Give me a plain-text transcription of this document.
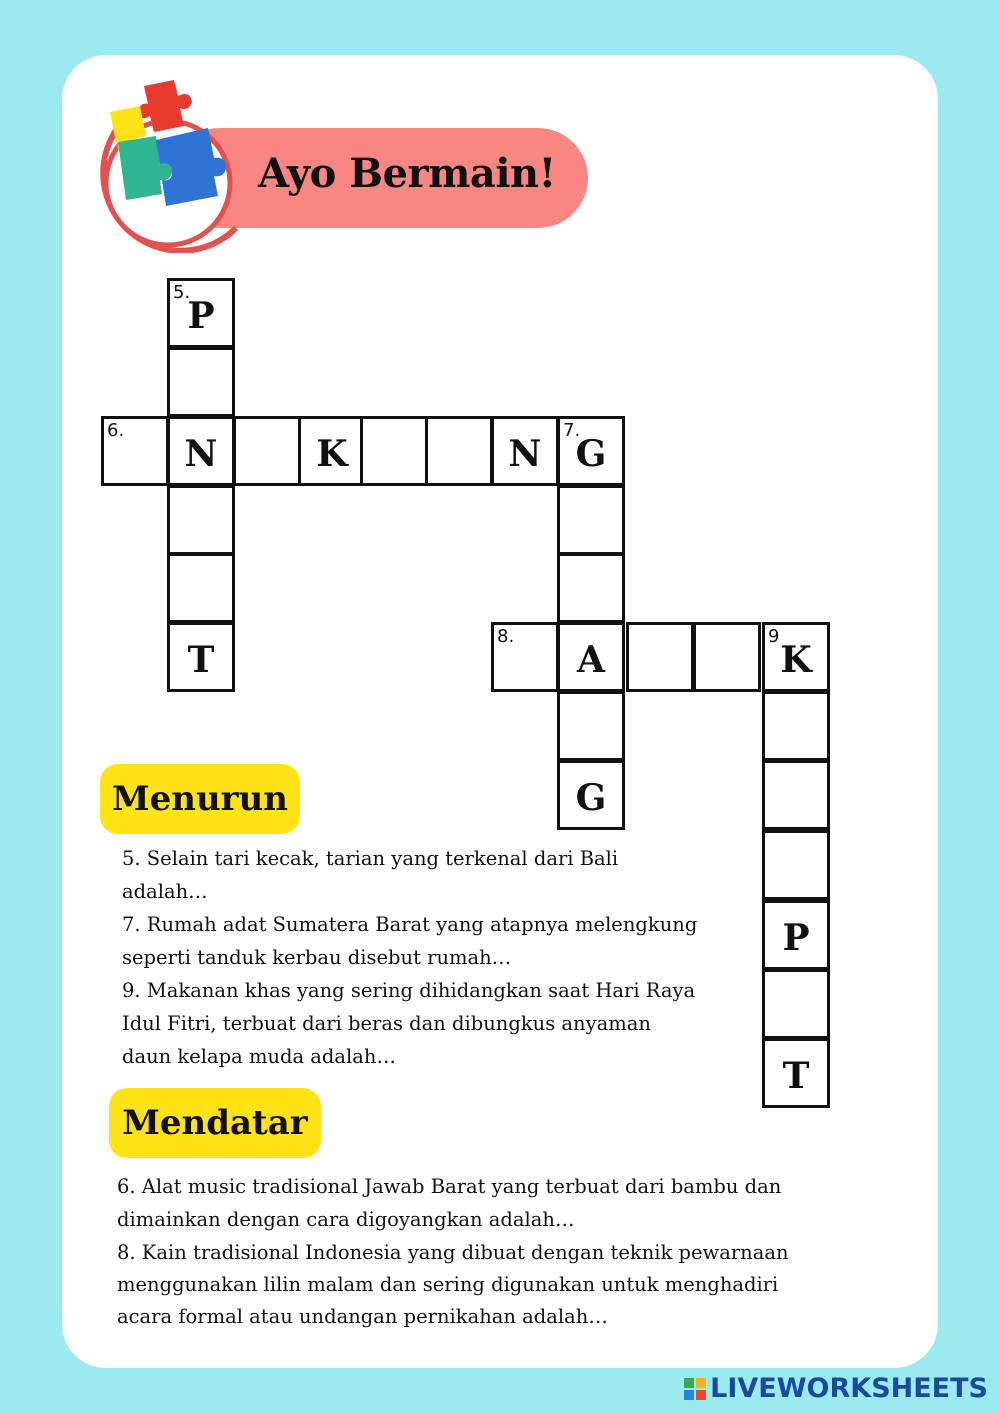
Ayo Bermain!
5.
P
T
6.
N	K	N
7.
G
G
8.
A
9
K
P
T
Menurun

5. Selain tari kecak, tarian yang terkenal dari Bali

adalah…

7. Rumah adat Sumatera Barat yang atapnya melengkung

seperti tanduk kerbau disebut rumah…

9. Makanan khas yang sering dihidangkan saat Hari Raya

Idul Fitri, terbuat dari beras dan dibungkus anyaman

daun kelapa muda adalah…

Mendatar

6. Alat music tradisional Jawab Barat yang terbuat dari bambu dan

dimainkan dengan cara digoyangkan adalah…

8. Kain tradisional Indonesia yang dibuat dengan teknik pewarnaan

menggunakan lilin malam dan sering digunakan untuk menghadiri

acara formal atau undangan pernikahan adalah…

LIVEWORKSHEETS
